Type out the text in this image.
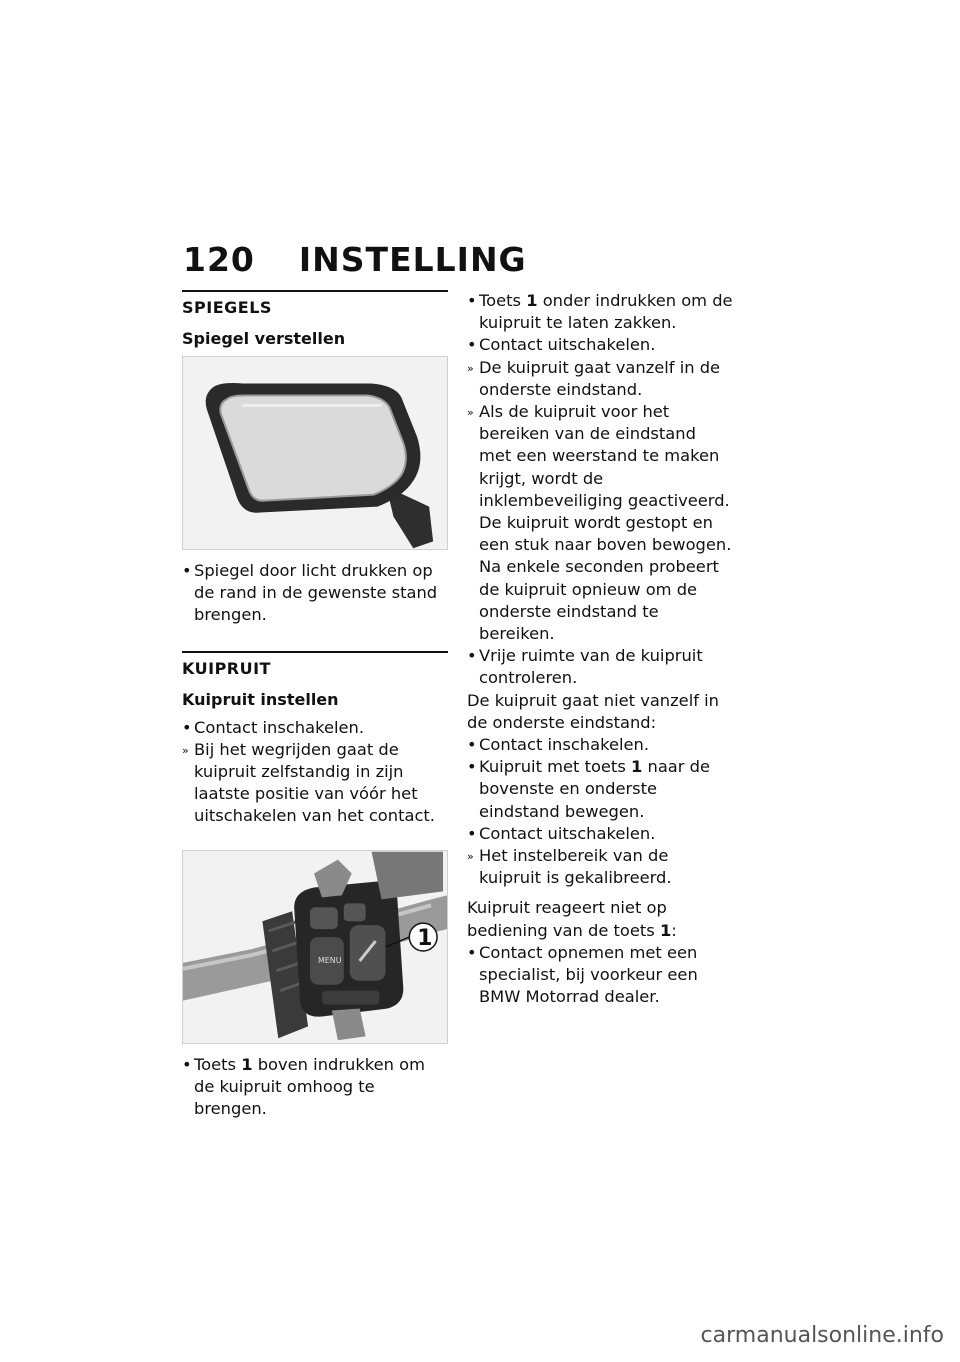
120 INSTELLING
SPIEGELS
Spiegel verstellen
• Spiegel door licht drukken op de rand in de gewenste stand brengen.
KUIPRUIT
Kuipruit instellen
• Contact inschakelen.
» Bij het wegrijden gaat de kuipruit zelfstandig in zijn laatste positie van vóór het uitschakelen van het contact.
MENU
1
• Toets 1 boven indrukken om de kuipruit omhoog te brengen.
• Toets 1 onder indrukken om de kuipruit te laten zakken.
• Contact uitschakelen.
» De kuipruit gaat vanzelf in de onderste eindstand.
» Als de kuipruit voor het bereiken van de eindstand met een weerstand te maken krijgt, wordt de inklembeveiliging geactiveerd. De kuipruit wordt gestopt en een stuk naar boven bewogen. Na enkele seconden probeert de kuipruit opnieuw om de onderste eindstand te bereiken.
• Vrije ruimte van de kuipruit controleren.

De kuipruit gaat niet vanzelf in de onderste eindstand:

• Contact inschakelen.
• Kuipruit met toets 1 naar de bovenste en onderste eindstand bewegen.
• Contact uitschakelen.
» Het instelbereik van de kuipruit is gekalibreerd.

Kuipruit reageert niet op bediening van de toets 1:

• Contact opnemen met een specialist, bij voorkeur een BMW Motorrad dealer.
carmanualsonline.info
